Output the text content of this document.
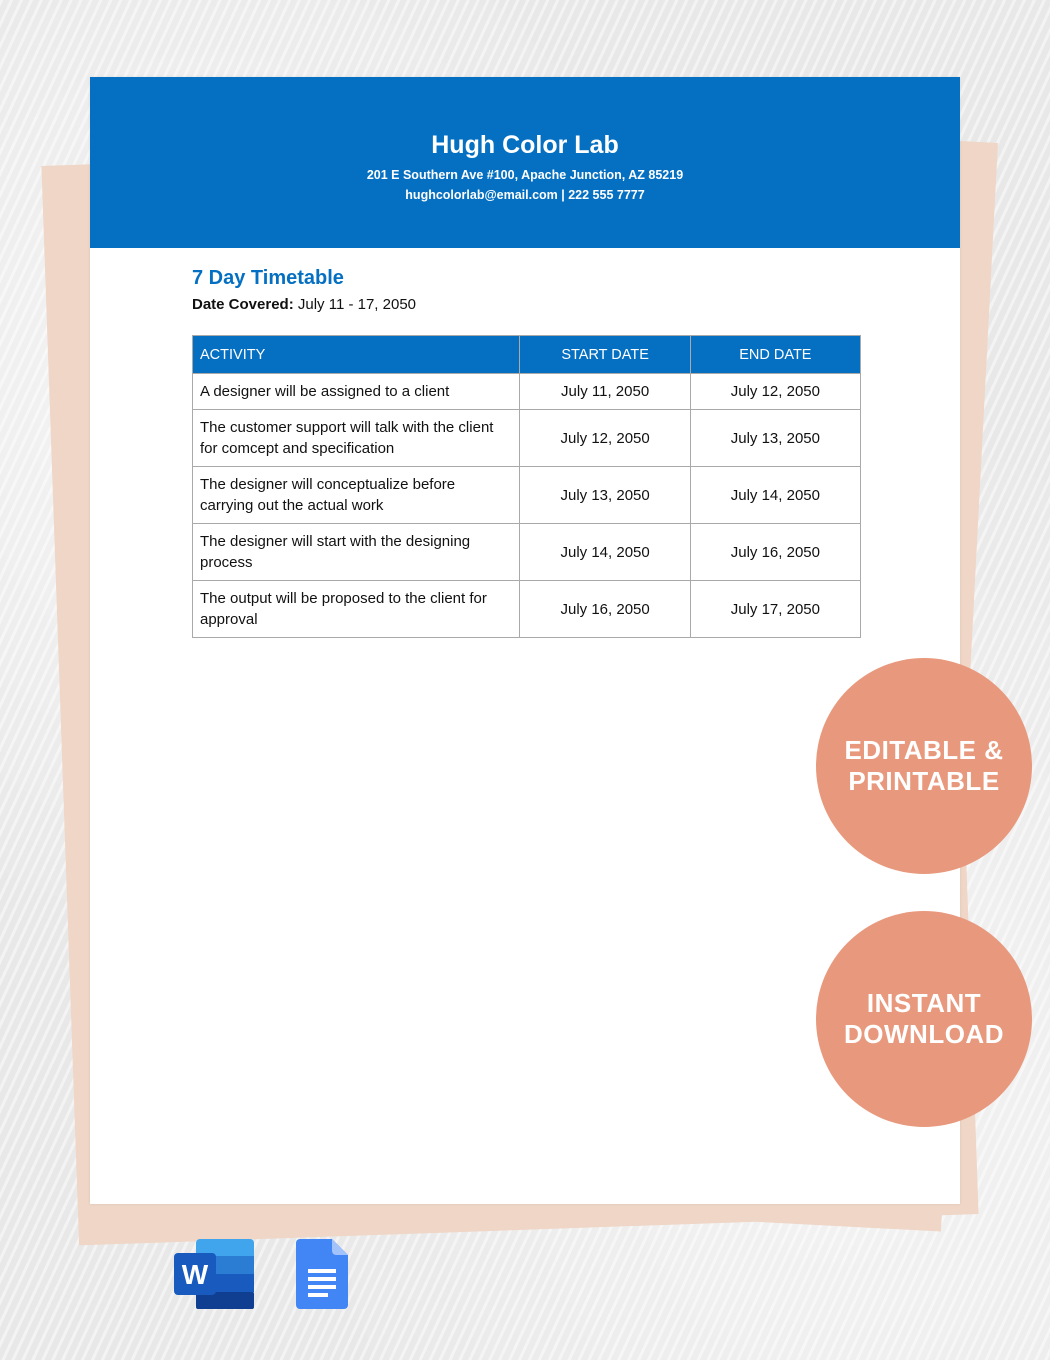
Hugh Color Lab
201 E Southern Ave #100, Apache Junction, AZ 85219
hughcolorlab@email.com | 222 555 7777
7 Day Timetable
Date Covered: July 11 - 17, 2050
ACTIVITY	START DATE	END DATE
A designer will be assigned to a client	July 11, 2050	July 12, 2050
The customer support will talk with the client for comcept and specification	July 12, 2050	July 13, 2050
The designer will conceptualize before carrying out the actual work	July 13, 2050	July 14, 2050
The designer will start with the designing process	July 14, 2050	July 16, 2050
The output will be proposed to the client for approval	July 16, 2050	July 17, 2050
EDITABLE &
PRINTABLE
INSTANT
DOWNLOAD
W
